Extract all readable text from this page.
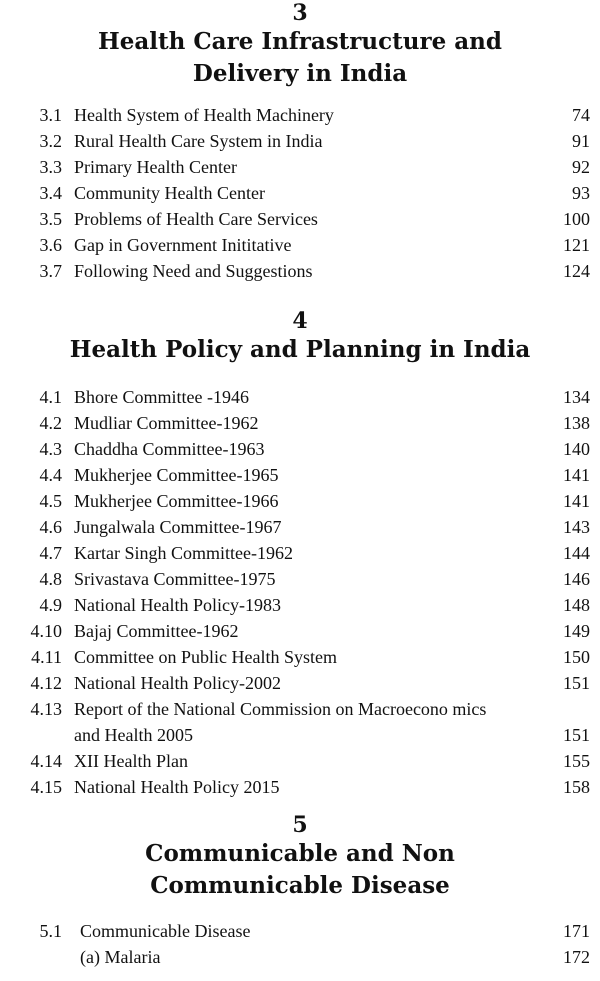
3

Health Care Infrastructure and Delivery in India

3.1 Health System of Health Machinery	74
3.2 Rural Health Care System in India	91
3.3 Primary Health Center	92
3.4 Community Health Center	93
3.5 Problems of Health Care Services	100
3.6 Gap in Government Inititative	121
3.7 Following Need and Suggestions	124

4

Health Policy and Planning in India

4.1 Bhore Committee -1946	134
4.2 Mudliar Committee-1962	138
4.3 Chaddha Committee-1963	140
4.4 Mukherjee Committee-1965	141
4.5 Mukherjee Committee-1966	141
4.6 Jungalwala Committee-1967	143
4.7 Kartar Singh Committee-1962	144
4.8 Srivastava Committee-1975	146
4.9 National Health Policy-1983	148
4.10 Bajaj Committee-1962	149
4.11 Committee on Public Health System	150
4.12 National Health Policy-2002	151
4.13 Report of the National Commission on Macroecono mics and Health 2005	151
4.14 XII Health Plan	155
4.15 National Health Policy 2015	158

5

Communicable and Non Communicable Disease

5.1 Communicable Disease	171
(a) Malaria	172
